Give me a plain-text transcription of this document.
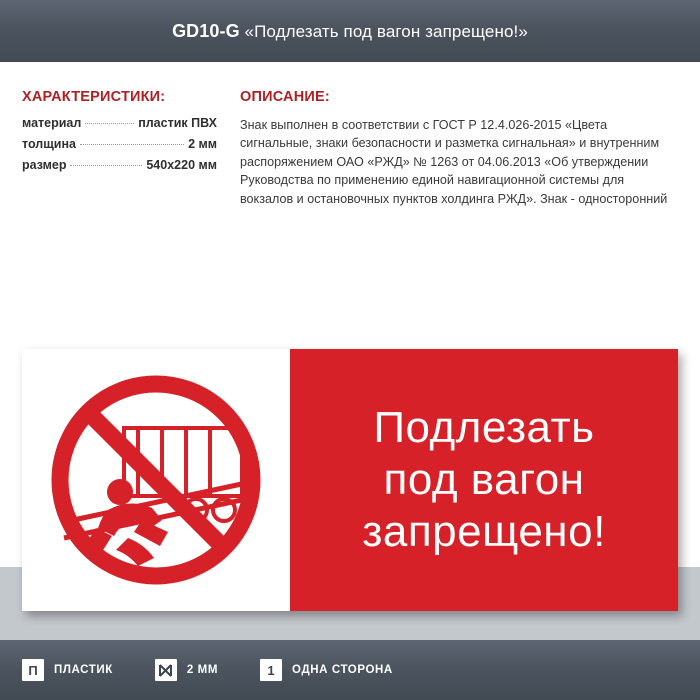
GD10-G «Подлезать под вагон запрещено!»
ХАРАКТЕРИСТИКИ:
материал	пластик ПВХ
толщина	2 мм
размер	540х220 мм
ОПИСАНИЕ:

Знак выполнен в соответствии с ГОСТ Р 12.4.026-2015 «Цвета сигнальные, знаки безопасности и разметка сигнальная» и внутренним распоряжением ОАО «РЖД» № 1263 от 04.06.2013 «Об утверждении Руководства по применению единой навигационной системы для вокзалов и остановочных пунктов холдинга РЖД». Знак - односторонний

Подлезать
под вагон
запрещено!
П	ПЛАСТИК	2 ММ	1	ОДНА СТОРОНА
